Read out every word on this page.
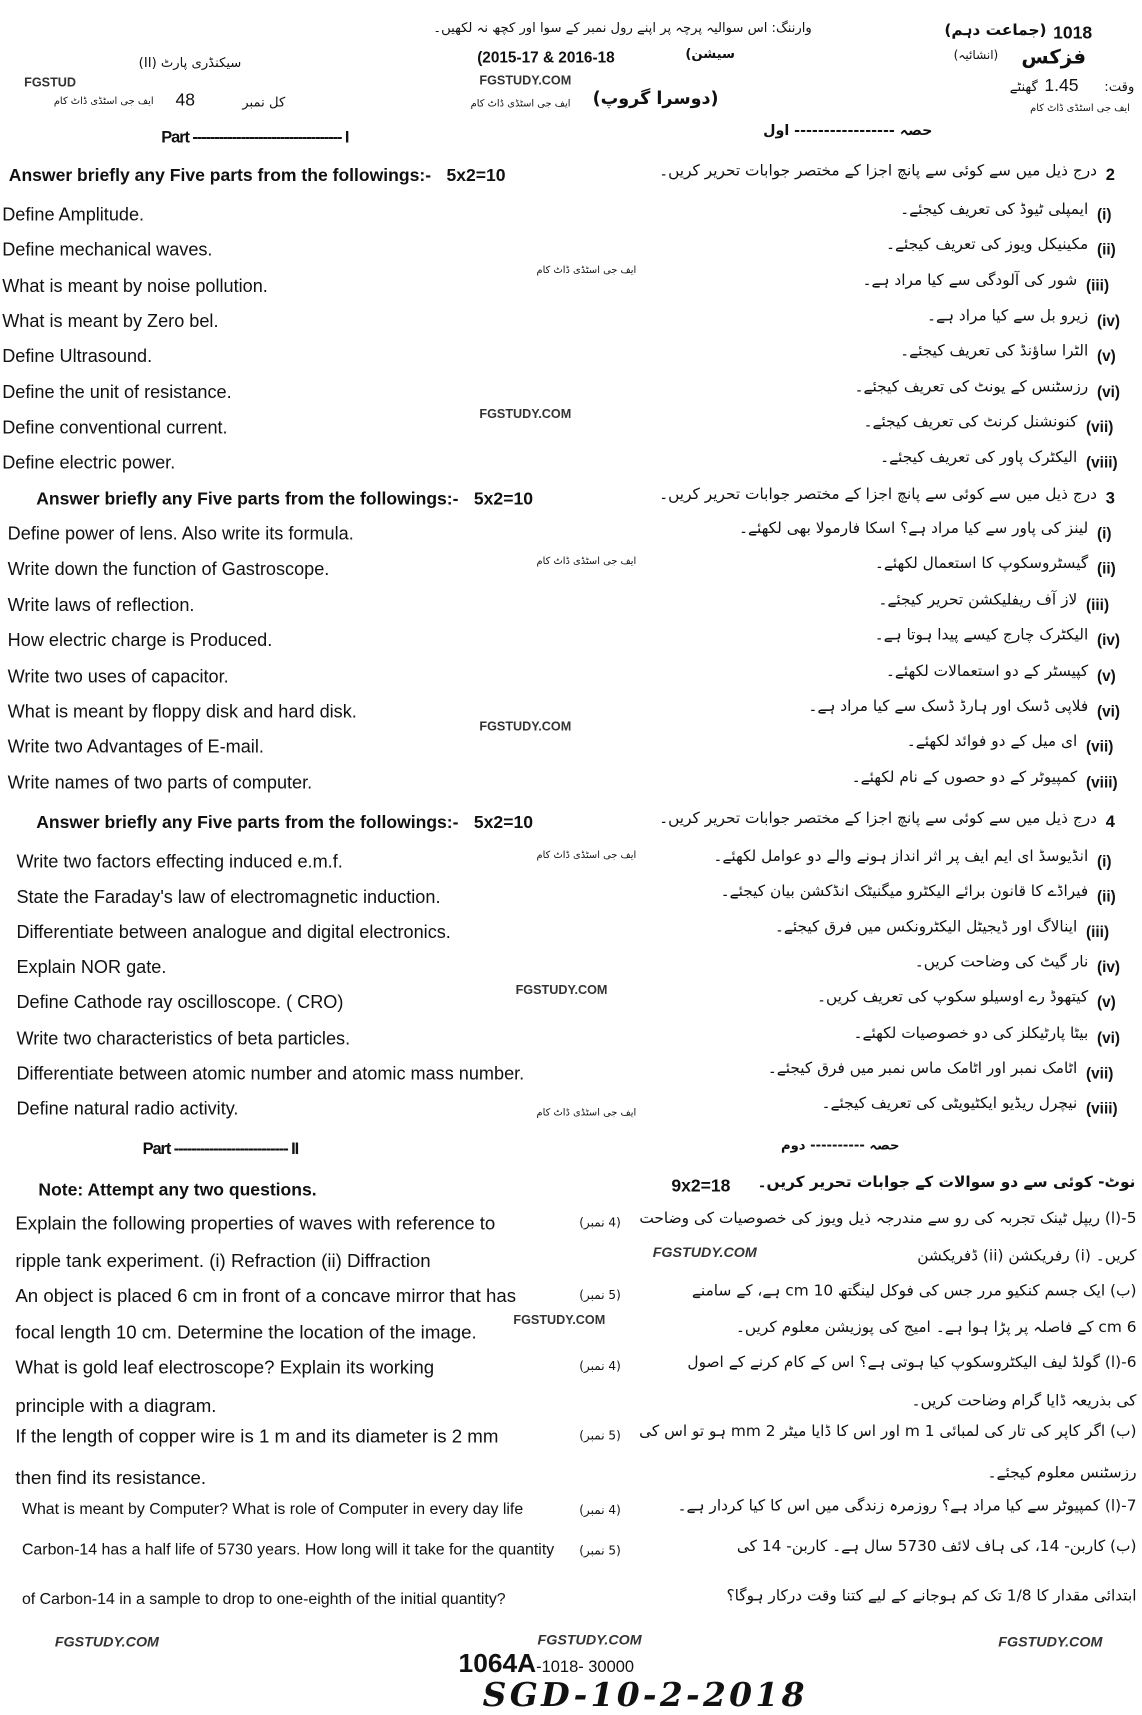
1018
(جماعت دہم)
وارننگ: اس سوالیہ پرچہ پر اپنے رول نمبر کے سوا اور کچھ نہ لکھیں۔
فزکس
(انشائیہ)
(2015-17 & 2016-18	سیشن)
سیکنڈری پارٹ (II)
FGSTUD	FGSTUDY.COM
(دوسرا گروپ)
ایف جی اسٹڈی ڈاٹ کام
کل نمبر
48
ایف جی اسٹڈی ڈاٹ کام
وقت:
1.45
گھنٹے
ایف جی اسٹڈی ڈاٹ کام
Part ---------------------------------- I	حصہ ----------------- اول
Answer briefly any Five parts from the followings:- 5x2=10	درج ذیل میں سے کوئی سے پانچ اجزا کے مختصر جوابات تحریر کریں۔ 2
Define Amplitude.	ایمپلی ٹیوڈ کی تعریف کیجئے۔ (i)
Define mechanical waves.	مکینیکل ویوز کی تعریف کیجئے۔ (ii)
What is meant by noise pollution.	شور کی آلودگی سے کیا مراد ہے۔ (iii)
What is meant by Zero bel.	زیرو بل سے کیا مراد ہے۔ (iv)
Define Ultrasound.	الٹرا ساؤنڈ کی تعریف کیجئے۔ (v)
Define the unit of resistance.	رزسٹنس کے یونٹ کی تعریف کیجئے۔ (vi)
Define conventional current.	کنونشنل کرنٹ کی تعریف کیجئے۔ (vii)
Define electric power.	الیکٹرک پاور کی تعریف کیجئے۔ (viii)
Answer briefly any Five parts from the followings:- 5x2=10	درج ذیل میں سے کوئی سے پانچ اجزا کے مختصر جوابات تحریر کریں۔ 3
Define power of lens. Also write its formula.	لینز کی پاور سے کیا مراد ہے؟ اسکا فارمولا بھی لکھئے۔ (i)
Write down the function of Gastroscope.	گیسٹروسکوپ کا استعمال لکھئے۔ (ii)
Write laws of reflection.	لاز آف ریفلیکشن تحریر کیجئے۔ (iii)
How electric charge is Produced.	الیکٹرک چارج کیسے پیدا ہوتا ہے۔ (iv)
Write two uses of capacitor.	کپیسٹر کے دو استعمالات لکھئے۔ (v)
What is meant by floppy disk and hard disk.	فلاپی ڈسک اور ہارڈ ڈسک سے کیا مراد ہے۔ (vi)
Write two Advantages of E-mail.	ای میل کے دو فوائد لکھئے۔ (vii)
Write names of two parts of computer.	کمپیوٹر کے دو حصوں کے نام لکھئے۔ (viii)
Answer briefly any Five parts from the followings:- 5x2=10	درج ذیل میں سے کوئی سے پانچ اجزا کے مختصر جوابات تحریر کریں۔ 4
Write two factors effecting induced e.m.f.	انڈیوسڈ ای ایم ایف پر اثر انداز ہونے والے دو عوامل لکھئے۔ (i)
State the Faraday's law of electromagnetic induction.	فیراڈے کا قانون برائے الیکٹرو میگنیٹک انڈکشن بیان کیجئے۔ (ii)
Differentiate between analogue and digital electronics.	اینالاگ اور ڈیجیٹل الیکٹرونکس میں فرق کیجئے۔ (iii)
Explain NOR gate.	نار گیٹ کی وضاحت کریں۔ (iv)
Define Cathode ray oscilloscope. ( CRO)	کیتھوڈ رے اوسیلو سکوپ کی تعریف کریں۔ (v)
Write two characteristics of beta particles.	بیٹا پارٹیکلز کی دو خصوصیات لکھئے۔ (vi)
Differentiate between atomic number and atomic mass number.	اٹامک نمبر اور اٹامک ماس نمبر میں فرق کیجئے۔ (vii)
Define natural radio activity.	نیچرل ریڈیو ایکٹیویٹی کی تعریف کیجئے۔ (viii)
Part -------------------------- II	حصہ ---------- دوم
Note: Attempt any two questions.	9x2=18 نوٹ- کوئی سے دو سوالات کے جوابات تحریر کریں۔
Explain the following properties of waves with reference to	(4 نمبر)	5-(ا) ریپل ٹینک تجربہ کی رو سے مندرجہ ذیل ویوز کی خصوصیات کی وضاحت
ripple tank experiment. (i) Refraction (ii) Diffraction	کریں۔ (i) رفریکشن (ii) ڈفریکشن
An object is placed 6 cm in front of a concave mirror that has	(5 نمبر)	(ب) ایک جسم کنکیو مرر جس کی فوکل لینگتھ 10 cm ہے، کے سامنے
focal length 10 cm. Determine the location of the image.	6 cm کے فاصلہ پر پڑا ہوا ہے۔ امیج کی پوزیشن معلوم کریں۔
What is gold leaf electroscope? Explain its working	(4 نمبر)	6-(ا) گولڈ لیف الیکٹروسکوپ کیا ہوتی ہے؟ اس کے کام کرنے کے اصول
principle with a diagram.	کی بذریعہ ڈایا گرام وضاحت کریں۔
If the length of copper wire is 1 m and its diameter is 2 mm	(5 نمبر)	(ب) اگر کاپر کی تار کی لمبائی 1 m اور اس کا ڈایا میٹر 2 mm ہو تو اس کی
then find its resistance.	رزسٹنس معلوم کیجئے۔
What is meant by Computer? What is role of Computer in every day life	(4 نمبر)	7-(ا) کمپیوٹر سے کیا مراد ہے؟ روزمرہ زندگی میں اس کا کیا کردار ہے۔
Carbon-14 has a half life of 5730 years. How long will it take for the quantity (5 نمبر)	(ب) کاربن- 14، کی ہاف لائف 5730 سال ہے۔ کاربن- 14 کی
of Carbon-14 in a sample to drop to one-eighth of the initial quantity?	ابتدائی مقدار کا 1/8 تک کم ہوجانے کے لیے کتنا وقت درکار ہوگا؟
FGSTUDY.COM
FGSTUDY.COM
FGSTUDY.COM
FGSTUDY.COM
FGSTUDY.COM
ایف جی اسٹڈی ڈاٹ کام
ایف جی اسٹڈی ڈاٹ کام
ایف جی اسٹڈی ڈاٹ کام
ایف جی اسٹڈی ڈاٹ کام
FGSTUDY.COM	FGSTUDY.COM	FGSTUDY.COM
1064A-1018- 30000
SGD-10-2-2018
